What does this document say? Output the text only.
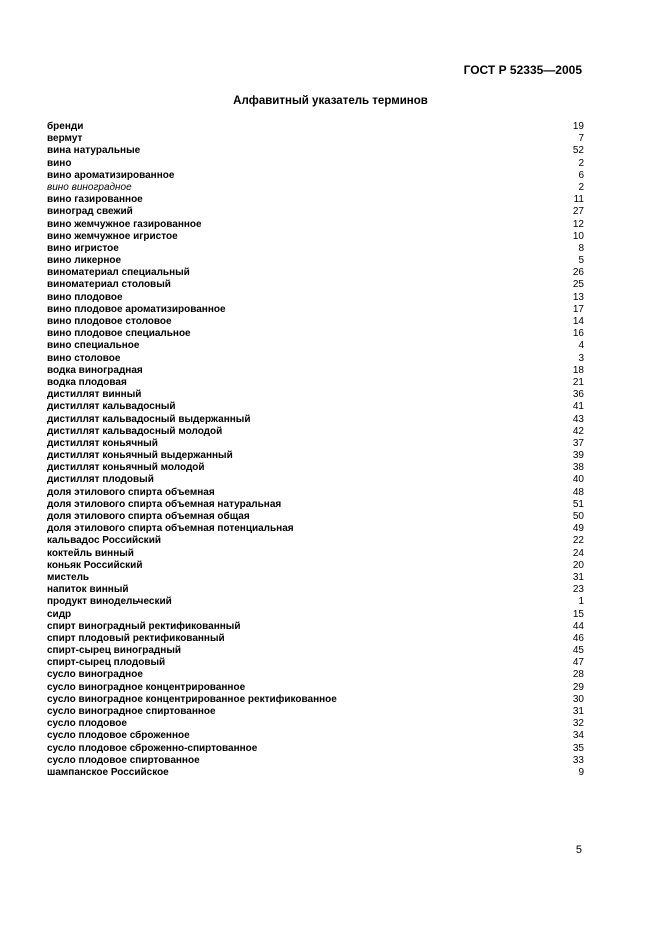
ГОСТ Р 52335—2005
Алфавитный указатель терминов
бренди	19
вермут	7
вина натуральные	52
вино	2
вино ароматизированное	6
вино виноградное	2
вино газированное	11
виноград свежий	27
вино жемчужное газированное	12
вино жемчужное игристое	10
вино игристое	8
вино ликерное	5
виноматериал специальный	26
виноматериал столовый	25
вино плодовое	13
вино плодовое ароматизированное	17
вино плодовое столовое	14
вино плодовое специальное	16
вино специальное	4
вино столовое	3
водка виноградная	18
водка плодовая	21
дистиллят винный	36
дистиллят кальвадосный	41
дистиллят кальвадосный выдержанный	43
дистиллят кальвадосный молодой	42
дистиллят коньячный	37
дистиллят коньячный выдержанный	39
дистиллят коньячный молодой	38
дистиллят плодовый	40
доля этилового спирта объемная	48
доля этилового спирта объемная натуральная	51
доля этилового спирта объемная общая	50
доля этилового спирта объемная потенциальная	49
кальвадос Российский	22
коктейль винный	24
коньяк Российский	20
мистель	31
напиток винный	23
продукт винодельческий	1
сидр	15
спирт виноградный ректификованный	44
спирт плодовый ректификованный	46
спирт-сырец виноградный	45
спирт-сырец плодовый	47
сусло виноградное	28
сусло виноградное концентрированное	29
сусло виноградное концентрированное ректификованное	30
сусло виноградное спиртованное	31
сусло плодовое	32
сусло плодовое сброженное	34
сусло плодовое сброженно-спиртованное	35
сусло плодовое спиртованное	33
шампанское Российское	9
5
